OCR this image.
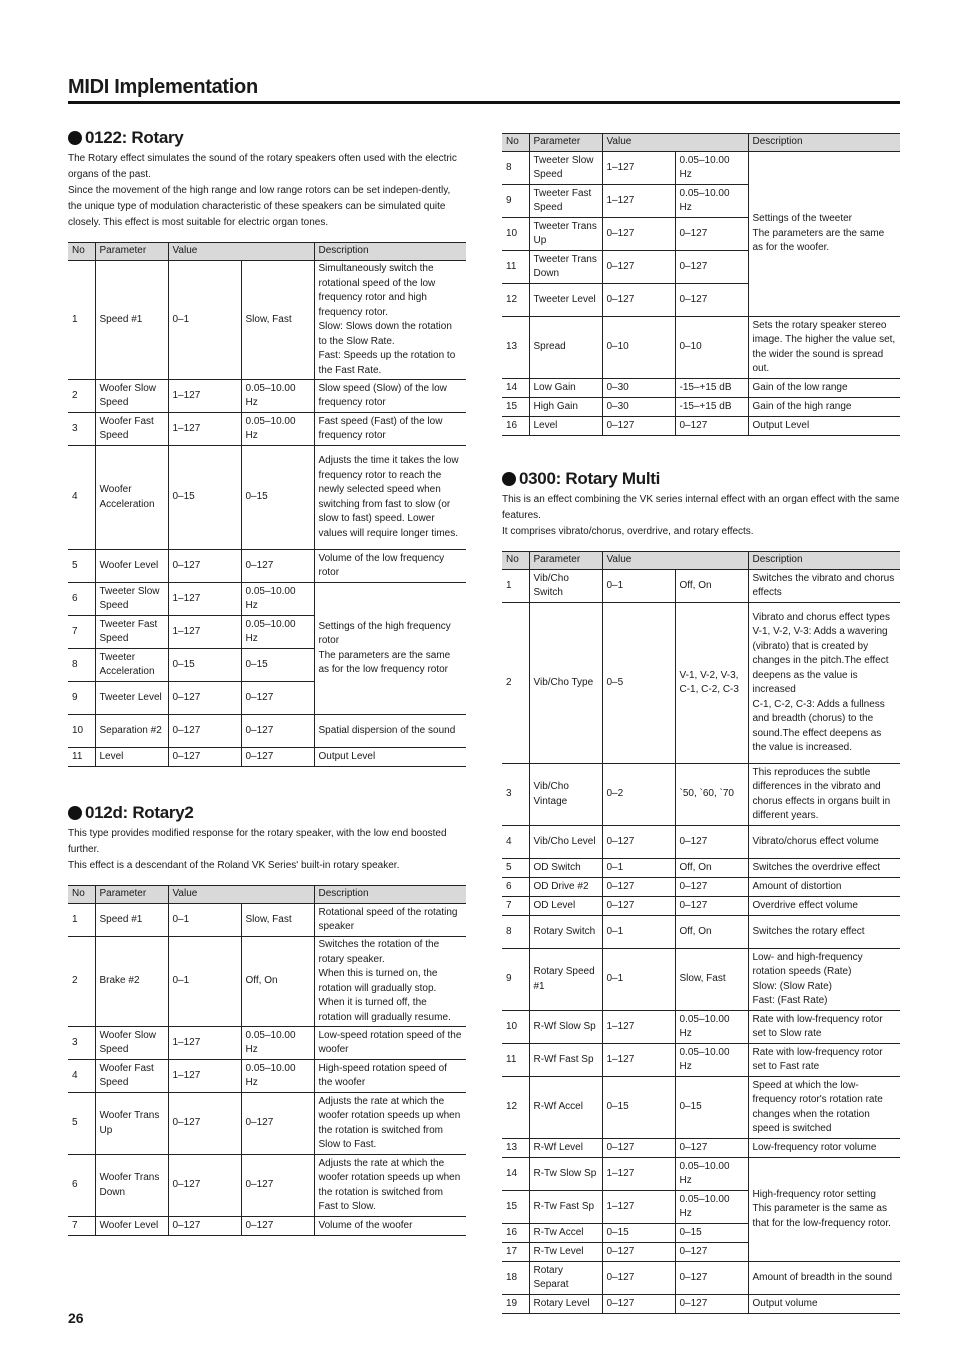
MIDI Implementation
0122: Rotary

The Rotary effect simulates the sound of the rotary speakers often used with the electric organs of the past.

Since the movement of the high range and low range rotors can be set indepen-dently, the unique type of modulation characteristic of these speakers can be simulated quite closely. This effect is most suitable for electric organ tones.

No	Parameter	Value		Description
1	Speed #1	0–1	Slow, Fast	Simultaneously switch the rotational speed of the low frequency rotor and high frequency rotor.
Slow: Slows down the rotation to the Slow Rate.
Fast: Speeds up the rotation to the Fast Rate.
2	Woofer Slow Speed	1–127	0.05–10.00 Hz	Slow speed (Slow) of the low frequency rotor
3	Woofer Fast Speed	1–127	0.05–10.00 Hz	Fast speed (Fast) of the low frequency rotor
4	Woofer Acceleration	0–15	0–15	Adjusts the time it takes the low frequency rotor to reach the newly selected speed when switching from fast to slow (or slow to fast) speed. Lower values will require longer times.
5	Woofer Level	0–127	0–127	Volume of the low frequency rotor
6	Tweeter Slow Speed	1–127	0.05–10.00 Hz	Settings of the high frequency rotor
The parameters are the same as for the low frequency rotor
7	Tweeter Fast Speed	1–127	0.05–10.00 Hz	
8	Tweeter Acceleration	0–15	0–15	
9	Tweeter Level	0–127	0–127	
10	Separation #2	0–127	0–127	Spatial dispersion of the sound
11	Level	0–127	0–127	Output Level
012d: Rotary2

This type provides modified response for the rotary speaker, with the low end boosted further.

This effect is a descendant of the Roland VK Series' built-in rotary speaker.

No	Parameter	Value		Description
1	Speed #1	0–1	Slow, Fast	Rotational speed of the rotating speaker
2	Brake #2	0–1	Off, On	Switches the rotation of the rotary speaker.
When this is turned on, the rotation will gradually stop. When it is turned off, the rotation will gradually resume.
3	Woofer Slow Speed	1–127	0.05–10.00 Hz	Low-speed rotation speed of the woofer
4	Woofer Fast Speed	1–127	0.05–10.00 Hz	High-speed rotation speed of the woofer
5	Woofer Trans Up	0–127	0–127	Adjusts the rate at which the woofer rotation speeds up when the rotation is switched from Slow to Fast.
6	Woofer Trans Down	0–127	0–127	Adjusts the rate at which the woofer rotation speeds up when the rotation is switched from Fast to Slow.
7	Woofer Level	0–127	0–127	Volume of the woofer
No	Parameter	Value		Description
8	Tweeter Slow Speed	1–127	0.05–10.00 Hz	Settings of the tweeter
The parameters are the same as for the woofer.
9	Tweeter Fast Speed	1–127	0.05–10.00 Hz	
10	Tweeter Trans Up	0–127	0–127	
11	Tweeter Trans Down	0–127	0–127	
12	Tweeter Level	0–127	0–127	
13	Spread	0–10	0–10	Sets the rotary speaker stereo image. The higher the value set, the wider the sound is spread out.
14	Low Gain	0–30	-15–+15 dB	Gain of the low range
15	High Gain	0–30	-15–+15 dB	Gain of the high range
16	Level	0–127	0–127	Output Level
0300: Rotary Multi

This is an effect combining the VK series internal effect with an organ effect with the same features.

It comprises vibrato/chorus, overdrive, and rotary effects.

No	Parameter	Value		Description
1	Vib/Cho Switch	0–1	Off, On	Switches the vibrato and chorus effects
2	Vib/Cho Type	0–5	V-1, V-2, V-3, C-1, C-2, C-3	Vibrato and chorus effect types
V-1, V-2, V-3: Adds a wavering (vibrato) that is created by changes in the pitch.The effect deepens as the value is increased
C-1, C-2, C-3: Adds a fullness and breadth (chorus) to the sound.The effect deepens as the value is increased.
3	Vib/Cho Vintage	0–2	`50, `60, `70	This reproduces the subtle differences in the vibrato and chorus effects in organs built in different years.
4	Vib/Cho Level	0–127	0–127	Vibrato/chorus effect volume
5	OD Switch	0–1	Off, On	Switches the overdrive effect
6	OD Drive #2	0–127	0–127	Amount of distortion
7	OD Level	0–127	0–127	Overdrive effect volume
8	Rotary Switch	0–1	Off, On	Switches the rotary effect
9	Rotary Speed #1	0–1	Slow, Fast	Low- and high-frequency rotation speeds (Rate)
Slow: (Slow Rate)
Fast: (Fast Rate)
10	R-Wf Slow Sp	1–127	0.05–10.00 Hz	Rate with low-frequency rotor set to Slow rate
11	R-Wf Fast Sp	1–127	0.05–10.00 Hz	Rate with low-frequency rotor set to Fast rate
12	R-Wf Accel	0–15	0–15	Speed at which the low-frequency rotor's rotation rate changes when the rotation speed is switched
13	R-Wf Level	0–127	0–127	Low-frequency rotor volume
14	R-Tw Slow Sp	1–127	0.05–10.00 Hz	High-frequency rotor setting
This parameter is the same as that for the low-frequency rotor.
15	R-Tw Fast Sp	1–127	0.05–10.00 Hz	
16	R-Tw Accel	0–15	0–15	
17	R-Tw Level	0–127	0–127	
18	Rotary Separat	0–127	0–127	Amount of breadth in the sound
19	Rotary Level	0–127	0–127	Output volume
26
